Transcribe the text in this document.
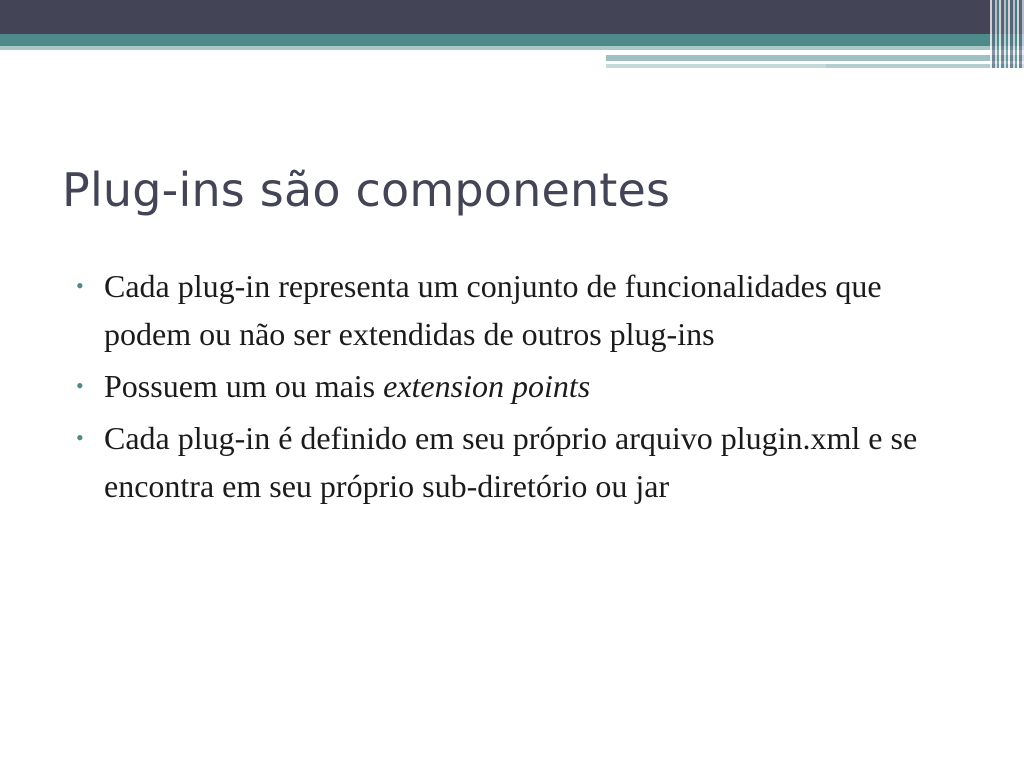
Plug-ins são componentes
• Cada plug-in representa um conjunto de funcionalidades que podem ou não ser extendidas de outros plug-ins
• Possuem um ou mais extension points
• Cada plug-in é definido em seu próprio arquivo plugin.xml e se encontra em seu próprio sub-diretório ou jar
